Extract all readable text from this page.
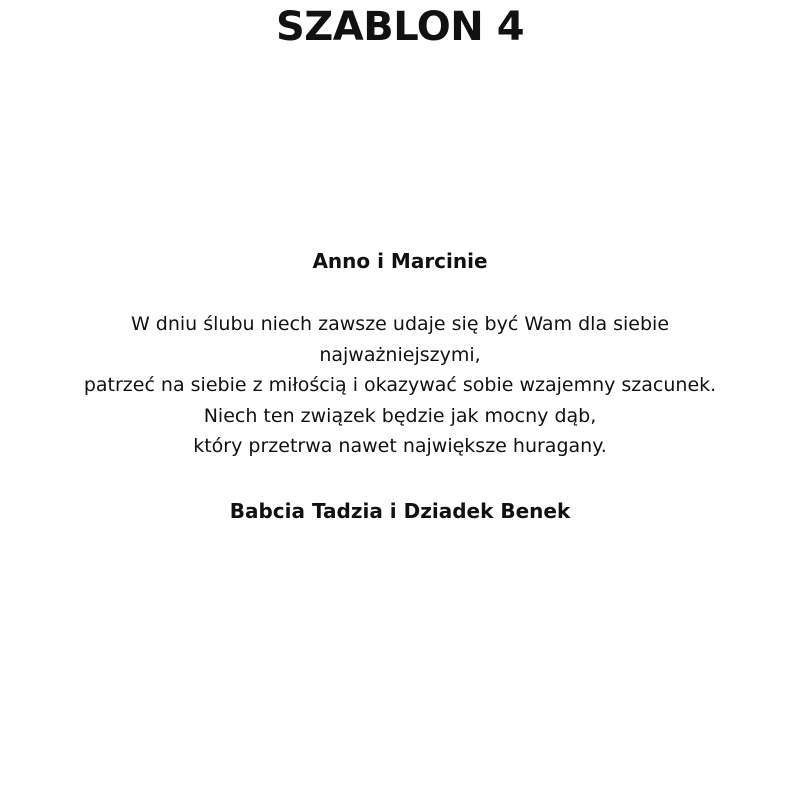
SZABLON 4

Anno i Marcinie

W dniu ślubu niech zawsze udaje się być Wam dla siebie
najważniejszymi,
patrzeć na siebie z miłością i okazywać sobie wzajemny szacunek.
Niech ten związek będzie jak mocny dąb,
który przetrwa nawet największe huragany.

Babcia Tadzia i Dziadek Benek
